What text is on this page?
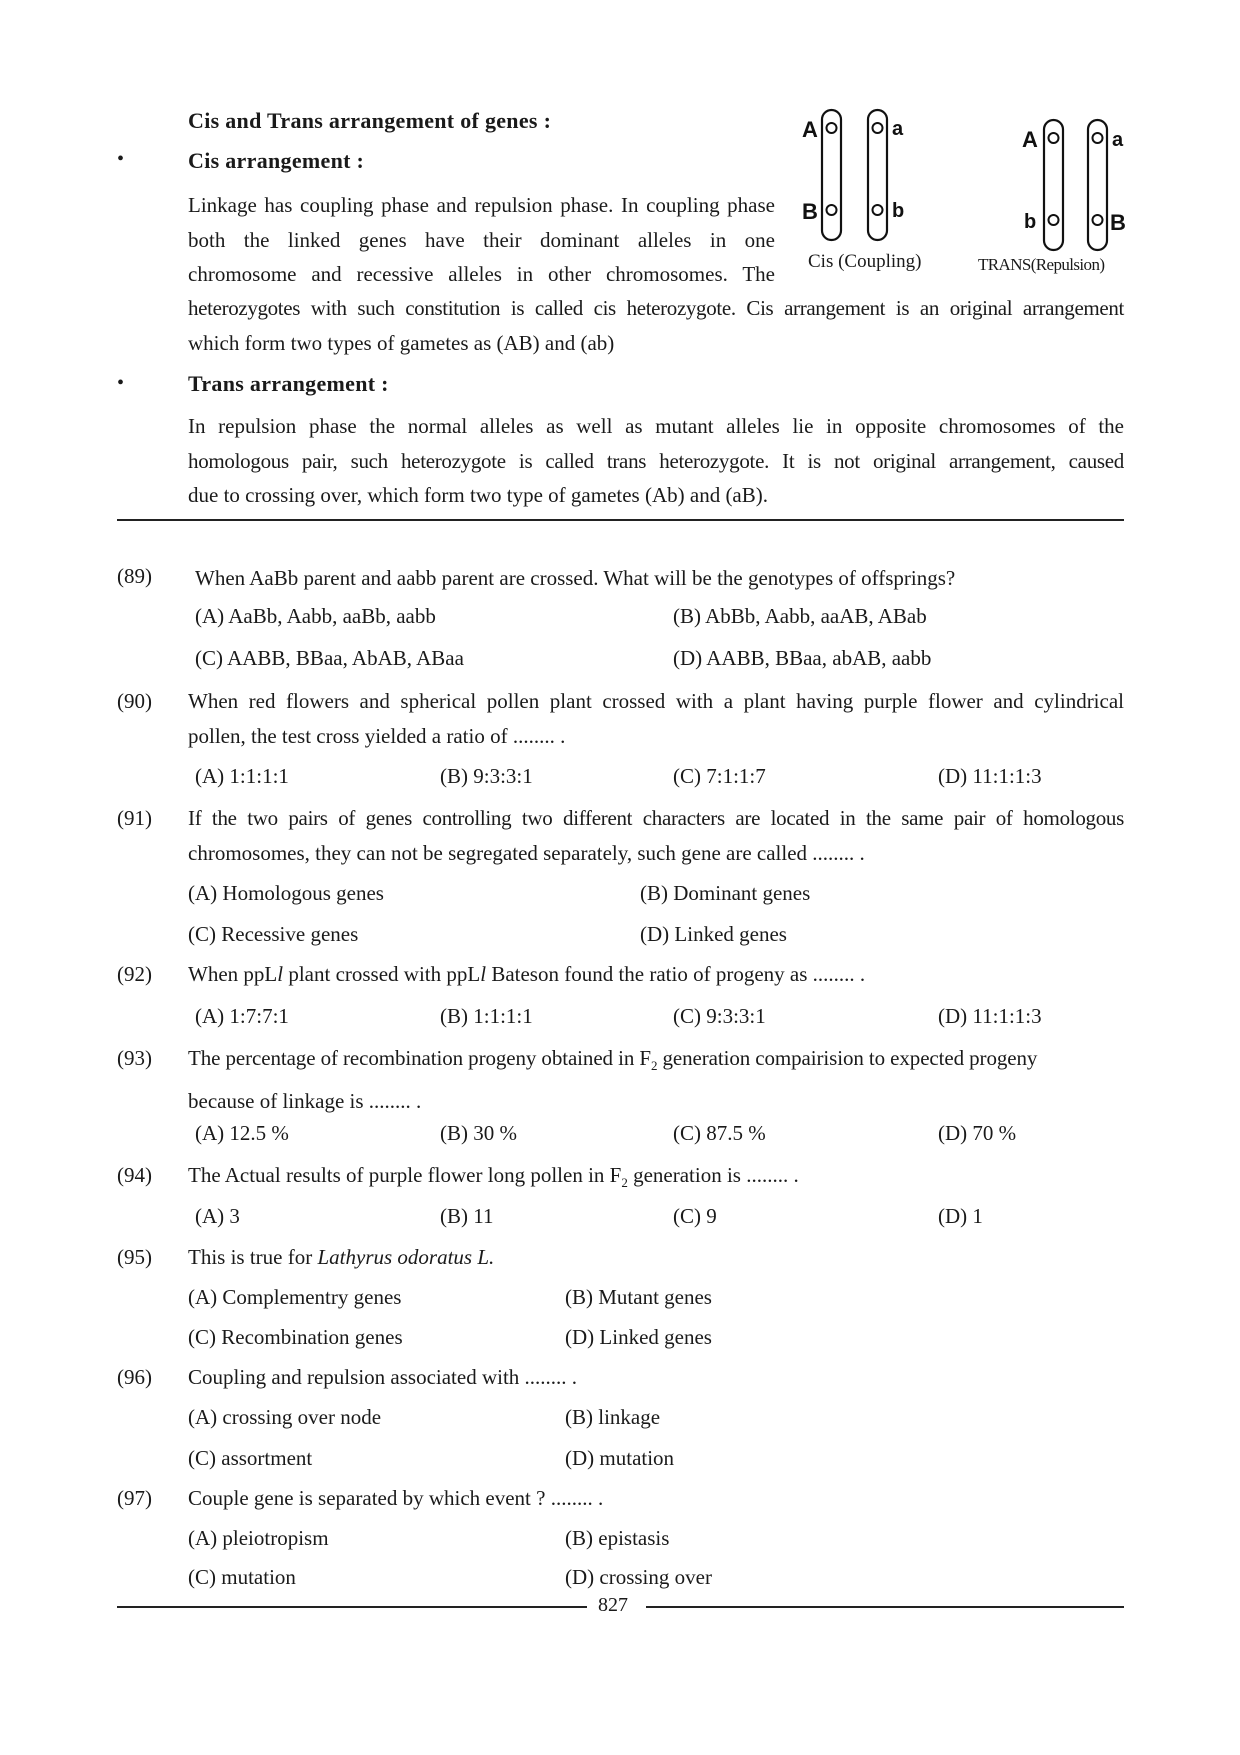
Cis and Trans arrangement of genes :
•	Cis arrangement :
Linkage has coupling phase and repulsion phase. In coupling phase
both the linked genes have their dominant alleles in one
chromosome and recessive alleles in other chromosomes. The
heterozygotes with such constitution is called cis heterozygote. Cis arrangement is an original arrangement
which form two types of gametes as (AB) and (ab)
A
B
a
b
A
b
a
B
Cis (Coupling)	TRANS(Repulsion)
•	Trans arrangement :
In repulsion phase the normal alleles as well as mutant alleles lie in opposite chromosomes of the
homologous pair, such heterozygote is called trans heterozygote. It is not original arrangement, caused
due to crossing over, which form two type of gametes (Ab) and (aB).
(89) When AaBb parent and aabb parent are crossed. What will be the genotypes of offsprings?
(A) AaBb, Aabb, aaBb, aabb	(B) AbBb, Aabb, aaAB, ABab
(C) AABB, BBaa, AbAB, ABaa	(D) AABB, BBaa, abAB, aabb
(90) When red flowers and spherical pollen plant crossed with a plant having purple flower and cylindrical
pollen, the test cross yielded a ratio of ........ .
(A) 1:1:1:1	(B) 9:3:3:1	(C) 7:1:1:7	(D) 11:1:1:3
(91) If the two pairs of genes controlling two different characters are located in the same pair of homologous
chromosomes, they can not be segregated separately, such gene are called ........ .
(A) Homologous genes	(B) Dominant genes
(C) Recessive genes	(D) Linked genes
(92) When ppLl plant crossed with ppLl Bateson found the ratio of progeny as ........ .
(A) 1:7:7:1	(B) 1:1:1:1	(C) 9:3:3:1	(D) 11:1:1:3
(93) The percentage of recombination progeny obtained in $F_2$ generation compairision to expected progeny
because of linkage is ........ .
(A) 12.5 %	(B) 30 %	(C) 87.5 %	(D) 70 %
(94) The Actual results of purple flower long pollen in $F_2$ generation is ........ .
(A) 3	(B) 11	(C) 9	(D) 1
(95) This is true for Lathyrus odoratus L.
(A) Complementry genes	(B) Mutant genes
(C) Recombination genes	(D) Linked genes
(96) Coupling and repulsion associated with ........ .
(A) crossing over node	(B) linkage
(C) assortment	(D) mutation
(97) Couple gene is separated by which event ? ........ .
(A) pleiotropism	(B) epistasis
(C) mutation	(D) crossing over
827
